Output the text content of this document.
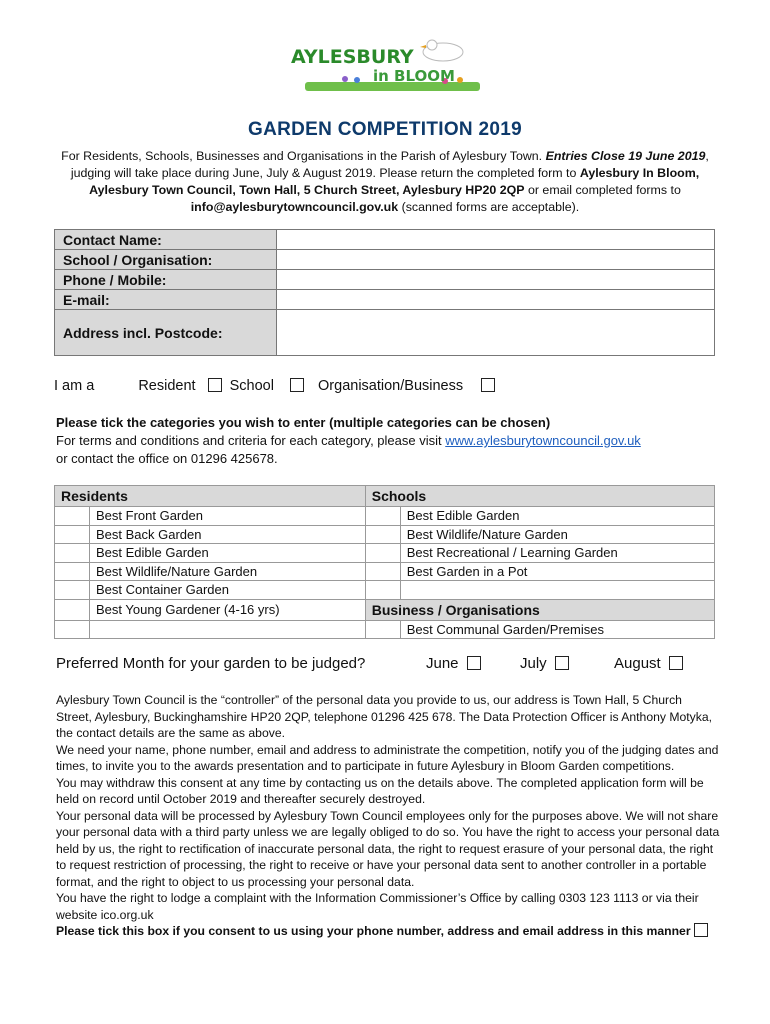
AYLESBURY
in BLOOM
GARDEN COMPETITION 2019
For Residents, Schools, Businesses and Organisations in the Parish of Aylesbury Town. Entries Close 19 June 2019, judging will take place during June, July & August 2019. Please return the completed form to Aylesbury In Bloom, Aylesbury Town Council, Town Hall, 5 Church Street, Aylesbury HP20 2QP or email completed forms to info@aylesburytowncouncil.gov.uk (scanned forms are acceptable).
Contact Name:	
School / Organisation:	
Phone / Mobile:	
E-mail:	
Address incl. Postcode:	
I am a	Resident School	Organisation/Business
Please tick the categories you wish to enter (multiple categories can be chosen)
For terms and conditions and criteria for each category, please visit www.aylesburytowncouncil.gov.uk
or contact the office on 01296 425678.
Residents		Schools	
	Best Front Garden		Best Edible Garden
	Best Back Garden		Best Wildlife/Nature Garden
	Best Edible Garden		Best Recreational / Learning Garden
	Best Wildlife/Nature Garden		Best Garden in a Pot
	Best Container Garden		
	Best Young Gardener (4-16 yrs)	Business / Organisations	
			Best Communal Garden/Premises
Preferred Month for your garden to be judged?	June	July	August

Aylesbury Town Council is the “controller” of the personal data you provide to us, our address is Town Hall, 5 Church Street, Aylesbury, Buckinghamshire HP20 2QP, telephone 01296 425 678. The Data Protection Officer is Anthony Motyka, the contact details are the same as above.

We need your name, phone number, email and address to administrate the competition, notify you of the judging dates and times, to invite you to the awards presentation and to participate in future Aylesbury in Bloom Garden competitions.

You may withdraw this consent at any time by contacting us on the details above. The completed application form will be held on record until October 2019 and thereafter securely destroyed.

Your personal data will be processed by Aylesbury Town Council employees only for the purposes above. We will not share your personal data with a third party unless we are legally obliged to do so. You have the right to access your personal data held by us, the right to rectification of inaccurate personal data, the right to request erasure of your personal data, the right to request restriction of processing, the right to receive or have your personal data sent to another controller in a portable format, and the right to object to us processing your personal data.

You have the right to lodge a complaint with the Information Commissioner’s Office by calling 0303 123 1113 or via their website ico.org.uk

Please tick this box if you consent to us using your phone number, address and email address in this manner
